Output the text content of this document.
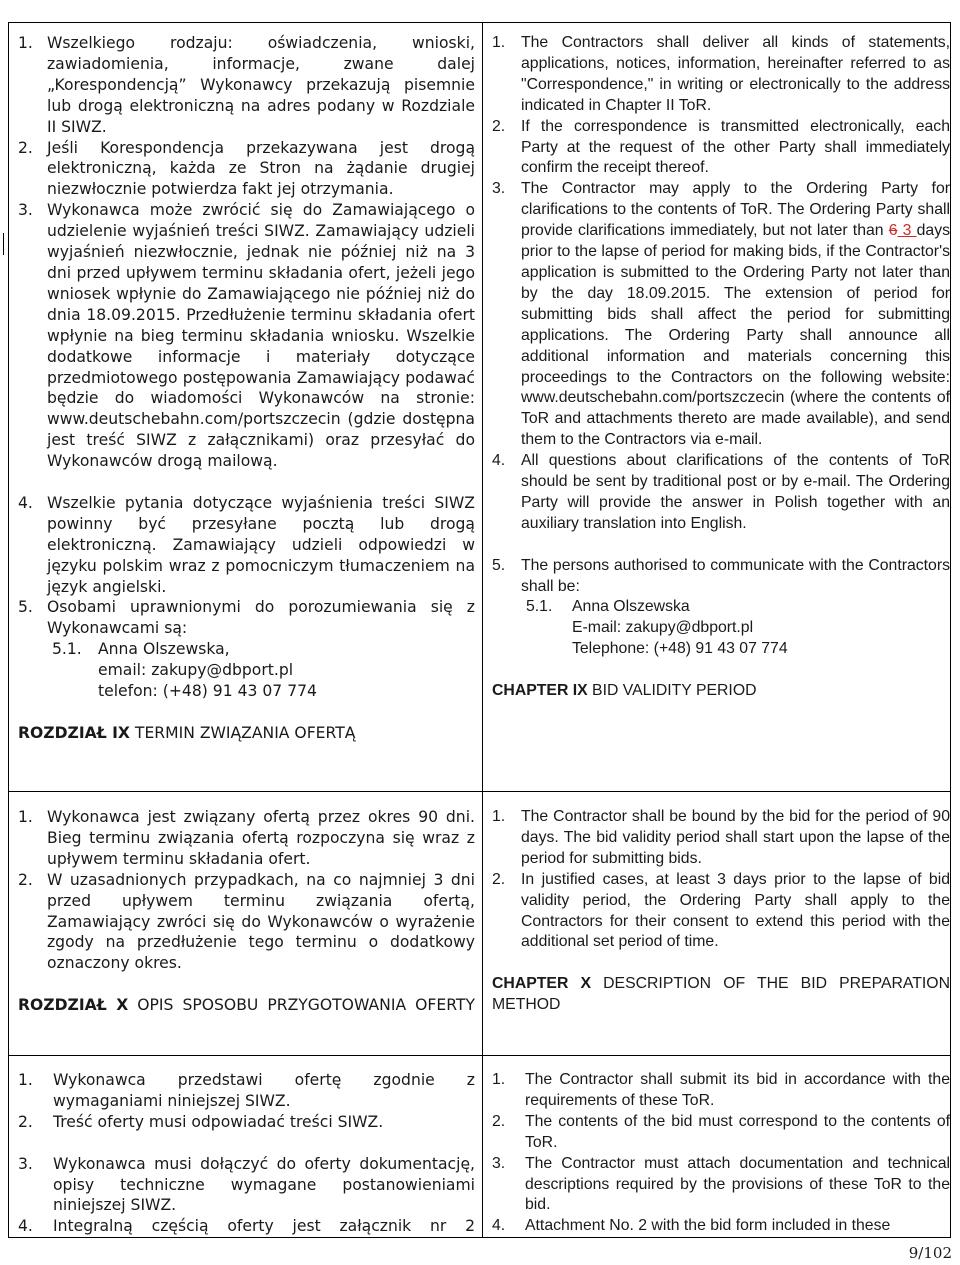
1. Wszelkiego rodzaju: oświadczenia, wnioski, zawiadomienia, informacje, zwane dalej „Korespondencją” Wykonawcy przekazują pisemnie lub drogą elektroniczną na adres podany w Rozdziale II SIWZ.
2. Jeśli Korespondencja przekazywana jest drogą elektroniczną, każda ze Stron na żądanie drugiej niezwłocznie potwierdza fakt jej otrzymania.
3. Wykonawca może zwrócić się do Zamawiającego o udzielenie wyjaśnień treści SIWZ. Zamawiający udzieli wyjaśnień niezwłocznie, jednak nie później niż na 3 dni przed upływem terminu składania ofert, jeżeli jego wniosek wpłynie do Zamawiającego nie później niż do dnia 18.09.2015. Przedłużenie terminu składania ofert wpłynie na bieg terminu składania wniosku. Wszelkie dodatkowe informacje i materiały dotyczące przedmiotowego postępowania Zamawiający podawać będzie do wiadomości Wykonawców na stronie: www.deutschebahn.com/portszczecin (gdzie dostępna jest treść SIWZ z załącznikami) oraz przesyłać do Wykonawców drogą mailową.
4. Wszelkie pytania dotyczące wyjaśnienia treści SIWZ powinny być przesyłane pocztą lub drogą elektroniczną. Zamawiający udzieli odpowiedzi w języku polskim wraz z pomocniczym tłumaczeniem na język angielski.
5. Osobami uprawnionymi do porozumiewania się z Wykonawcami są:
5.1.	Anna Olszewska,
email: zakupy@dbport.pl
telefon: (+48) 91 43 07 774
ROZDZIAŁ IX TERMIN ZWIĄZANIA OFERTĄ
1.	The Contractors shall deliver all kinds of statements, applications, notices, information, hereinafter referred to as "Correspondence," in writing or electronically to the address indicated in Chapter II ToR.
2.	If the correspondence is transmitted electronically, each Party at the request of the other Party shall immediately confirm the receipt thereof.
3.	The Contractor may apply to the Ordering Party for clarifications to the contents of ToR. The Ordering Party shall provide clarifications immediately, but not later than 6 3 days prior to the lapse of period for making bids, if the Contractor's application is submitted to the Ordering Party not later than by the day 18.09.2015. The extension of period for submitting bids shall affect the period for submitting applications. The Ordering Party shall announce all additional information and materials concerning this proceedings to the Contractors on the following website: www.deutschebahn.com/portszczecin (where the contents of ToR and attachments thereto are made available), and send them to the Contractors via e-mail.
4.	All questions about clarifications of the contents of ToR should be sent by traditional post or by e-mail. The Ordering Party will provide the answer in Polish together with an auxiliary translation into English.
5.	The persons authorised to communicate with the Contractors shall be:
5.1.	Anna Olszewska
E-mail: zakupy@dbport.pl
Telephone: (+48) 91 43 07 774
CHAPTER IX BID VALIDITY PERIOD
1. Wykonawca jest związany ofertą przez okres 90 dni. Bieg terminu związania ofertą rozpoczyna się wraz z upływem terminu składania ofert.
2. W uzasadnionych przypadkach, na co najmniej 3 dni przed upływem terminu związania ofertą, Zamawiający zwróci się do Wykonawców o wyrażenie zgody na przedłużenie tego terminu o dodatkowy oznaczony okres.
ROZDZIAŁ X OPIS SPOSOBU PRZYGOTOWANIA OFERTY
1.	The Contractor shall be bound by the bid for the period of 90 days. The bid validity period shall start upon the lapse of the period for submitting bids.
2.	In justified cases, at least 3 days prior to the lapse of bid validity period, the Ordering Party shall apply to the Contractors for their consent to extend this period with the additional set period of time.
CHAPTER X DESCRIPTION OF THE BID PREPARATION METHOD
1.	Wykonawca przedstawi ofertę zgodnie z wymaganiami niniejszej SIWZ.
2.	Treść oferty musi odpowiadać treści SIWZ.
3.	Wykonawca musi dołączyć do oferty dokumentację, opisy techniczne wymagane postanowieniami niniejszej SIWZ.
4.	Integralną częścią oferty jest załącznik nr 2
1.	The Contractor shall submit its bid in accordance with the requirements of these ToR.
2.	The contents of the bid must correspond to the contents of ToR.
3.	The Contractor must attach documentation and technical descriptions required by the provisions of these ToR to the bid.
4.	Attachment No. 2 with the bid form included in these
9/102
